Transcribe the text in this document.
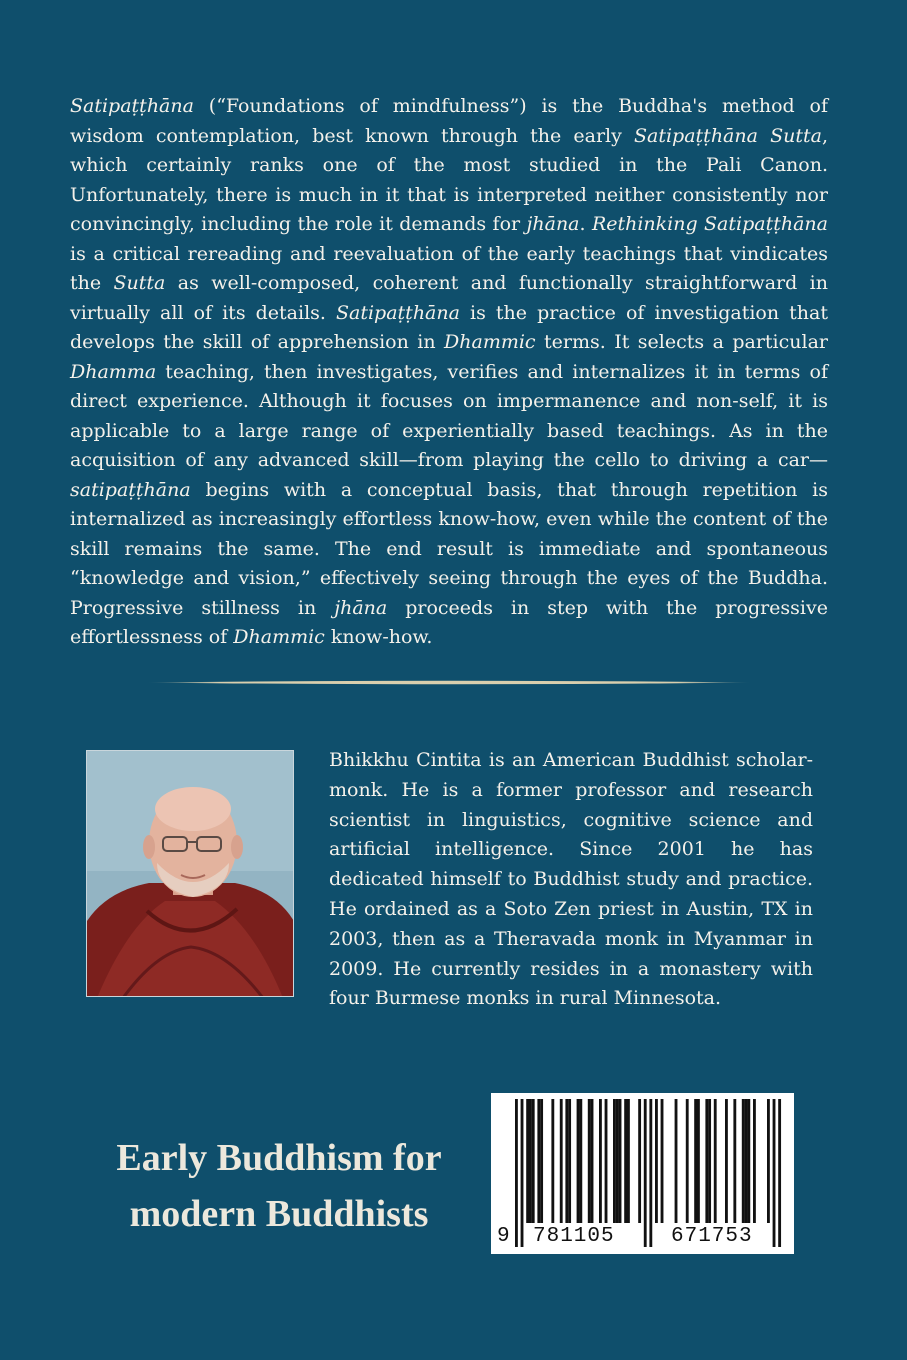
Satipaṭṭhāna (“Foundations of mindfulness”) is the Buddha's method of wisdom contemplation, best known through the early Satipaṭṭhāna Sutta, which certainly ranks one of the most studied in the Pali Canon. Unfortunately, there is much in it that is interpreted neither consistently nor convincingly, including the role it demands for jhāna. Rethinking Satipaṭṭhāna is a critical rereading and reevaluation of the early teachings that vindicates the Sutta as well-composed, coherent and functionally straightforward in virtually all of its details. Satipaṭṭhāna is the practice of investigation that develops the skill of apprehension in Dhammic terms. It selects a particular Dhamma teaching, then investigates, verifies and internalizes it in terms of direct experience. Although it focuses on impermanence and non-self, it is applicable to a large range of experientially based teachings. As in the acquisition of any advanced skill—from playing the cello to driving a car—satipaṭṭhāna begins with a conceptual basis, that through repetition is internalized as increasingly effortless know-how, even while the content of the skill remains the same. The end result is immediate and spontaneous “knowledge and vision,” effectively seeing through the eyes of the Buddha. Progressive stillness in jhāna proceeds in step with the progressive effortlessness of Dhammic know-how.

Bhikkhu Cintita is an American Buddhist scholar-monk. He is a former professor and research scientist in linguistics, cognitive science and artificial intelligence. Since 2001 he has dedicated himself to Buddhist study and practice. He ordained as a Soto Zen priest in Austin, TX in 2003, then as a Theravada monk in Myanmar in 2009. He currently resides in a monastery with four Burmese monks in rural Minnesota.

Early Buddhism for
modern Buddhists
9 781105	671753
